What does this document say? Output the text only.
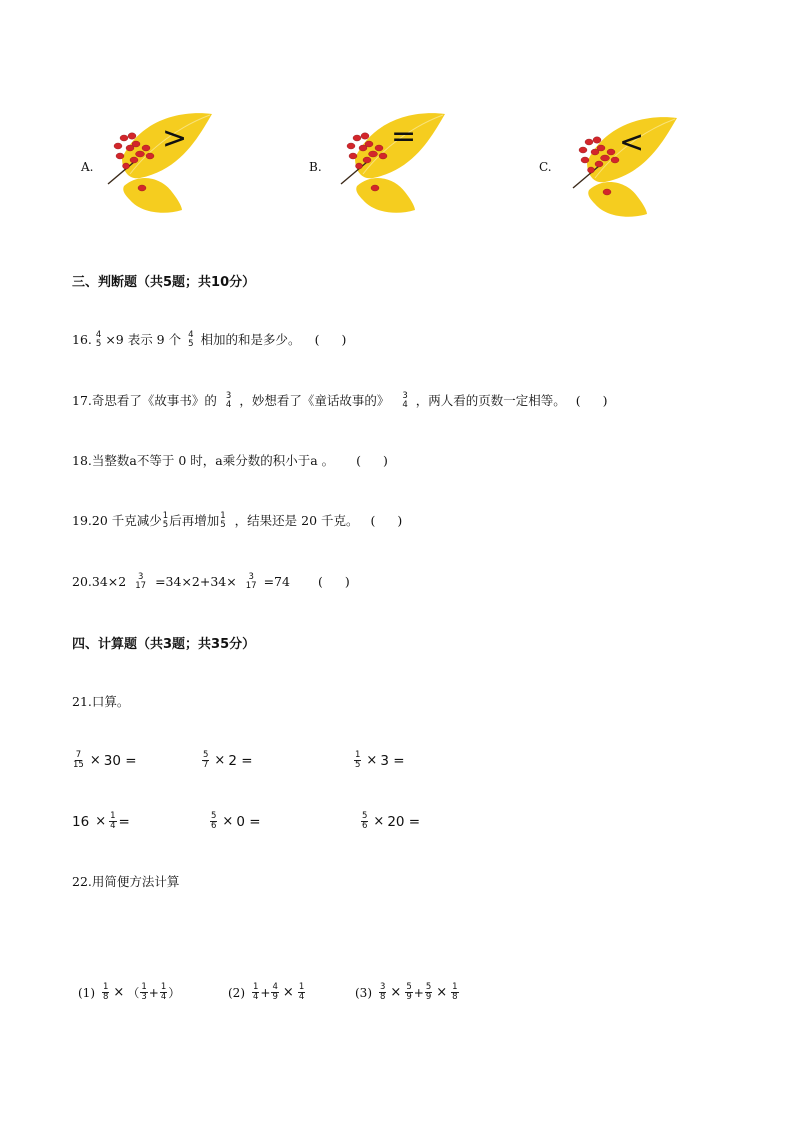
A.
>
B.
=
C.
<
三、判断题（共5题；共10分）
16. 4
5 ×9 表示 9 个 4
5 相加的和是多少。 ( )
17. 奇思看了《故事书》的 3
4 ，妙想看了《童话故事的》 3
4 ，两人看的页数一定相等。 ( )
18. 当整数a不等于 0 时，a乘分数的积小于a 。 ( )
19. 20 千克减少 1
5 后再增加 1
5 ，结果还是 20 千克。 ( )
20. 34×2 3
17 =34×2+34× 3
17 =74 ( )
四、计算题（共3题；共35分）
21.口算。
$\frac{7}{15} \times 30$ =	$\frac{5}{7} \times 2$ =	$\frac{1}{5} \times 3$ =
$16 \times \frac{1}{4}$ =	$\frac{5}{6} \times 0$ =	$\frac{5}{6} \times 20$ =
22.用简便方法计算
$(1) \frac{1}{8}$ × （ $\frac{1}{3} + \frac{1}{4}$ ）	$(2) \frac{1}{4} + \frac{4}{9} \times \frac{1}{4}$	$(3) \frac{3}{8} \times \frac{5}{9} + \frac{5}{9} \times \frac{1}{8}$
